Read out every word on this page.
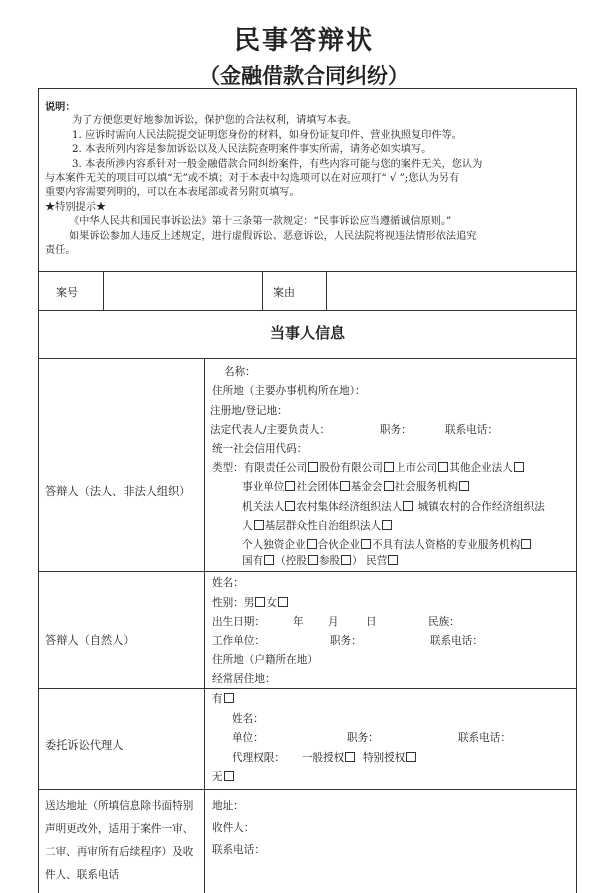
民事答辩状
（金融借款合同纠纷）
说明：
为了方便您更好地参加诉讼，保护您的合法权利，请填写本表。
1. 应诉时需向人民法院提交证明您身份的材料，如身份证复印件、营业执照复印件等。
2. 本表所列内容是参加诉讼以及人民法院查明案件事实所需，请务必如实填写。
3. 本表所涉内容系针对一般金融借款合同纠纷案件，有些内容可能与您的案件无关，您认为
与本案件无关的项目可以填“无”或不填；对于本表中勾选项可以在对应项打“ √ ”;您认为另有
重要内容需要列明的，可以在本表尾部或者另附页填写。
★特别提示★
《中华人民共和国民事诉讼法》第十三条第一款规定：“民事诉讼应当遵循诚信原则。”
如果诉讼参加人违反上述规定，进行虚假诉讼、恶意诉讼，人民法院将视违法情形依法追究
责任。
案号	案由
当事人信息
答辩人（法人、非法人组织）
名称：
住所地（主要办事机构所在地）：
注册地/登记地：
法定代表人/主要负责人：	职务：	联系电话：
统一社会信用代码：
类型：有限责任公司 股份有限公司 上市公司 其他企业法人
事业单位 社会团体 基金会 社会服务机构
机关法人 农村集体经济组织法人 城镇农村的合作经济组织法
人 基层群众性自治组织法人
个人独资企业 合伙企业 不具有法人资格的专业服务机构
国有 （控股 参股 ） 民营
答辩人（自然人）
姓名：
性别：男 女
出生日期：	年 月	日	民族：
工作单位：	职务：	联系电话：
住所地（户籍所在地）
经常居住地：
委托诉讼代理人
有
姓名：
单位：	职务：	联系电话：
代理权限： 一般授权 特别授权
无
送达地址（所填信息除书面特别
声明更改外，适用于案件一审、
二审、再审所有后续程序）及收
件人、联系电话
地址：
收件人：
联系电话：
